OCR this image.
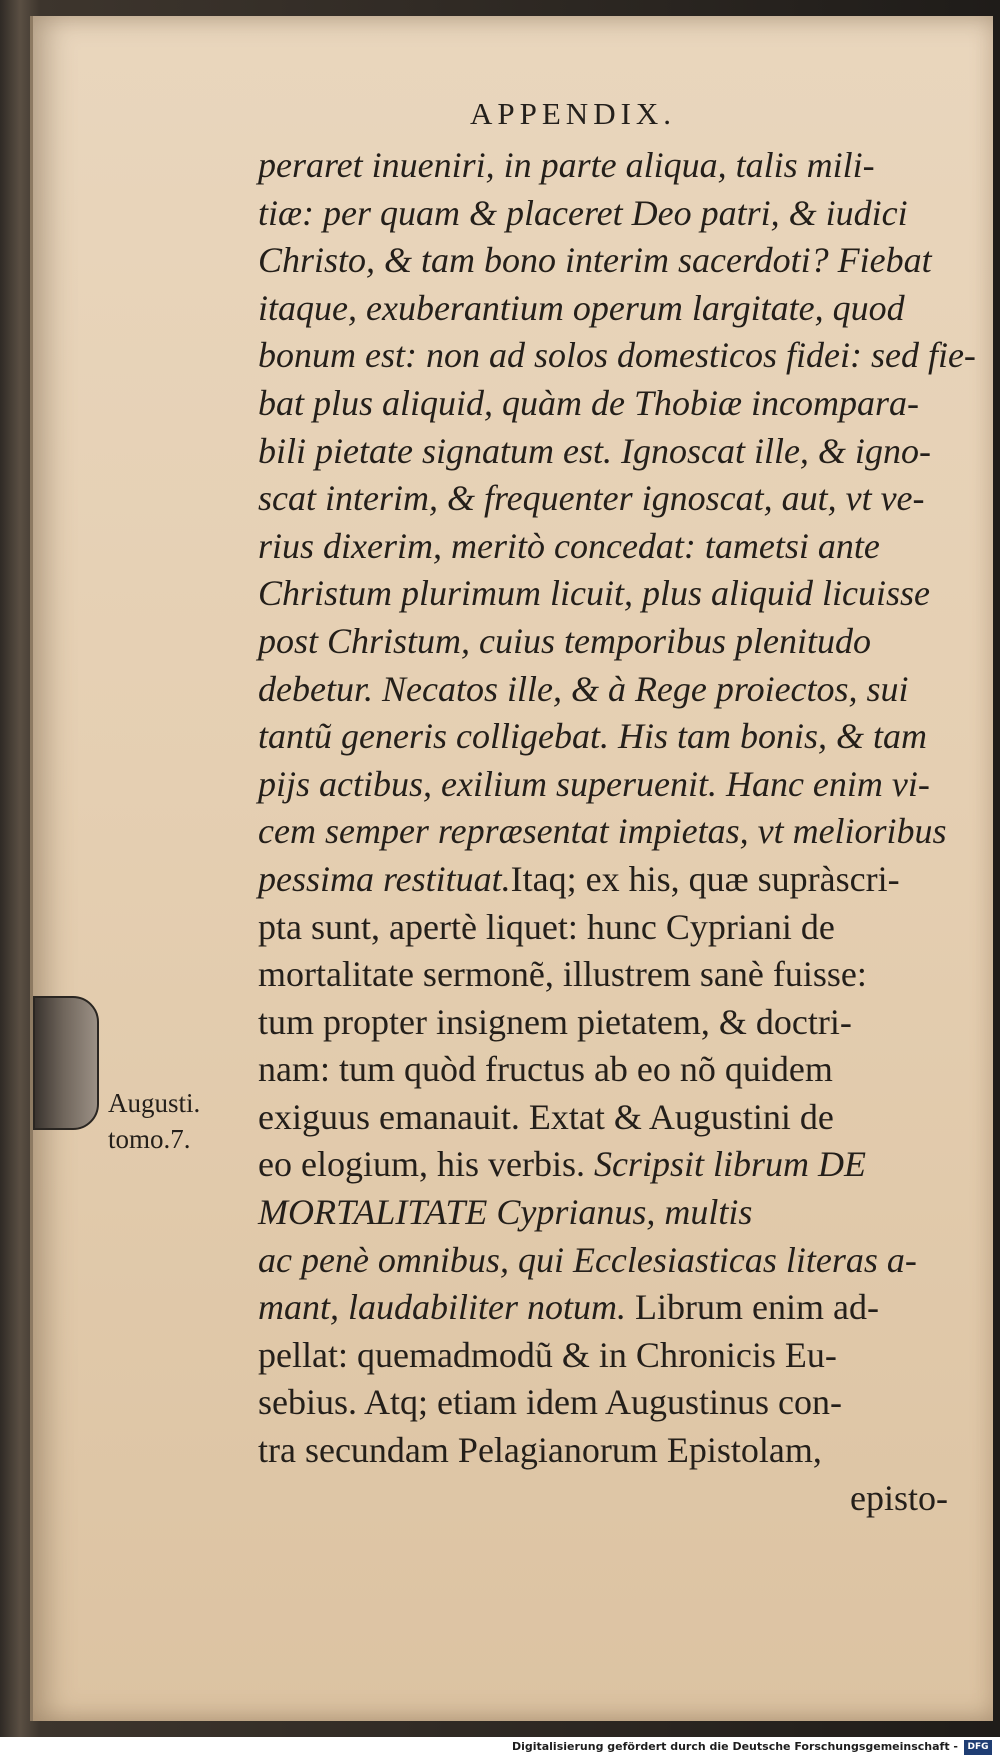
APPENDIX.
peraret inueniri, in parte aliqua, talis mili-
tiæ: per quam & placeret Deo patri, & iudici
Christo, & tam bono interim sacerdoti? Fiebat
itaque, exuberantium operum largitate, quod
bonum est: non ad solos domesticos fidei: sed fie-
bat plus aliquid, quàm de Thobiæ incompara-
bili pietate signatum est. Ignoscat ille, & igno-
scat interim, & frequenter ignoscat, aut, vt ve-
rius dixerim, meritò concedat: tametsi ante
Christum plurimum licuit, plus aliquid licuisse
post Christum, cuius temporibus plenitudo
debetur. Necatos ille, & à Rege proiectos, sui
tantũ generis colligebat. His tam bonis, & tam
pijs actibus, exilium superuenit. Hanc enim vi-
cem semper repræsentat impietas, vt melioribus
pessima restituat.Itaq; ex his, quæ supràscri-
pta sunt, apertè liquet: hunc Cypriani de
mortalitate sermonẽ, illustrem sanè fuisse:
tum propter insignem pietatem, & doctri-
nam: tum quòd fructus ab eo nõ quidem
exiguus emanauit. Extat & Augustini de
eo elogium, his verbis. Scripsit librum DE
MORTALITATE Cyprianus, multis
ac penè omnibus, qui Ecclesiasticas literas a-
mant, laudabiliter notum. Librum enim ad-
pellat: quemadmodũ & in Chronicis Eu-
sebius. Atq; etiam idem Augustinus con-
tra secundam Pelagianorum Epistolam,
episto-
Augusti.
tomo.7.
Digitalisierung gefördert durch die Deutsche Forschungsgemeinschaft -	DFG
